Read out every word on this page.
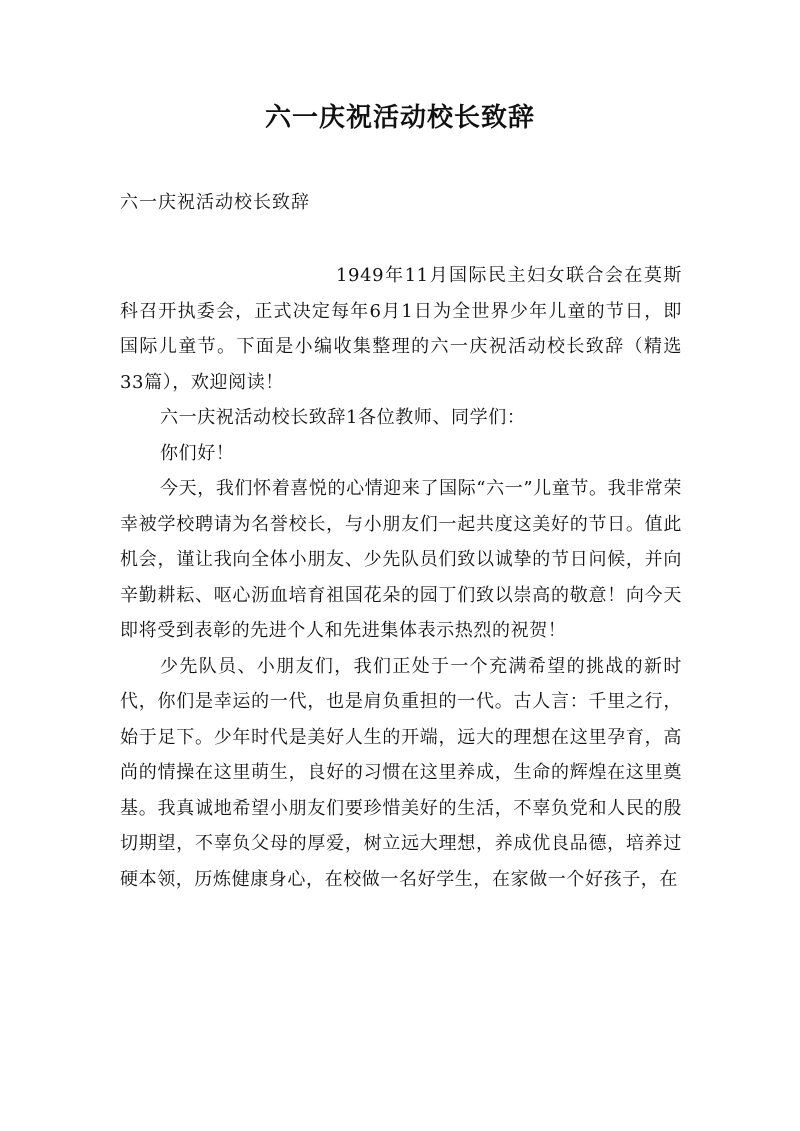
六一庆祝活动校长致辞
六一庆祝活动校长致辞

1949年11月国际民主妇女联合会在莫斯科召开执委会，正式决定每年6月1日为全世界少年儿童的节日，即国际儿童节。下面是小编收集整理的六一庆祝活动校长致辞（精选33篇），欢迎阅读！

六一庆祝活动校长致辞1各位教师、同学们：

你们好！

今天，我们怀着喜悦的心情迎来了国际“六一”儿童节。我非常荣幸被学校聘请为名誉校长，与小朋友们一起共度这美好的节日。值此机会，谨让我向全体小朋友、少先队员们致以诚挚的节日问候，并向辛勤耕耘、呕心沥血培育祖国花朵的园丁们致以崇高的敬意！向今天即将受到表彰的先进个人和先进集体表示热烈的祝贺！

少先队员、小朋友们，我们正处于一个充满希望的挑战的新时代，你们是幸运的一代，也是肩负重担的一代。古人言：千里之行，始于足下。少年时代是美好人生的开端，远大的理想在这里孕育，高尚的情操在这里萌生，良好的习惯在这里养成，生命的辉煌在这里奠基。我真诚地希望小朋友们要珍惜美好的生活，不辜负党和人民的殷切期望，不辜负父母的厚爱，树立远大理想，养成优良品德，培养过硬本领，历炼健康身心，在校做一名好学生，在家做一个好孩子，在
